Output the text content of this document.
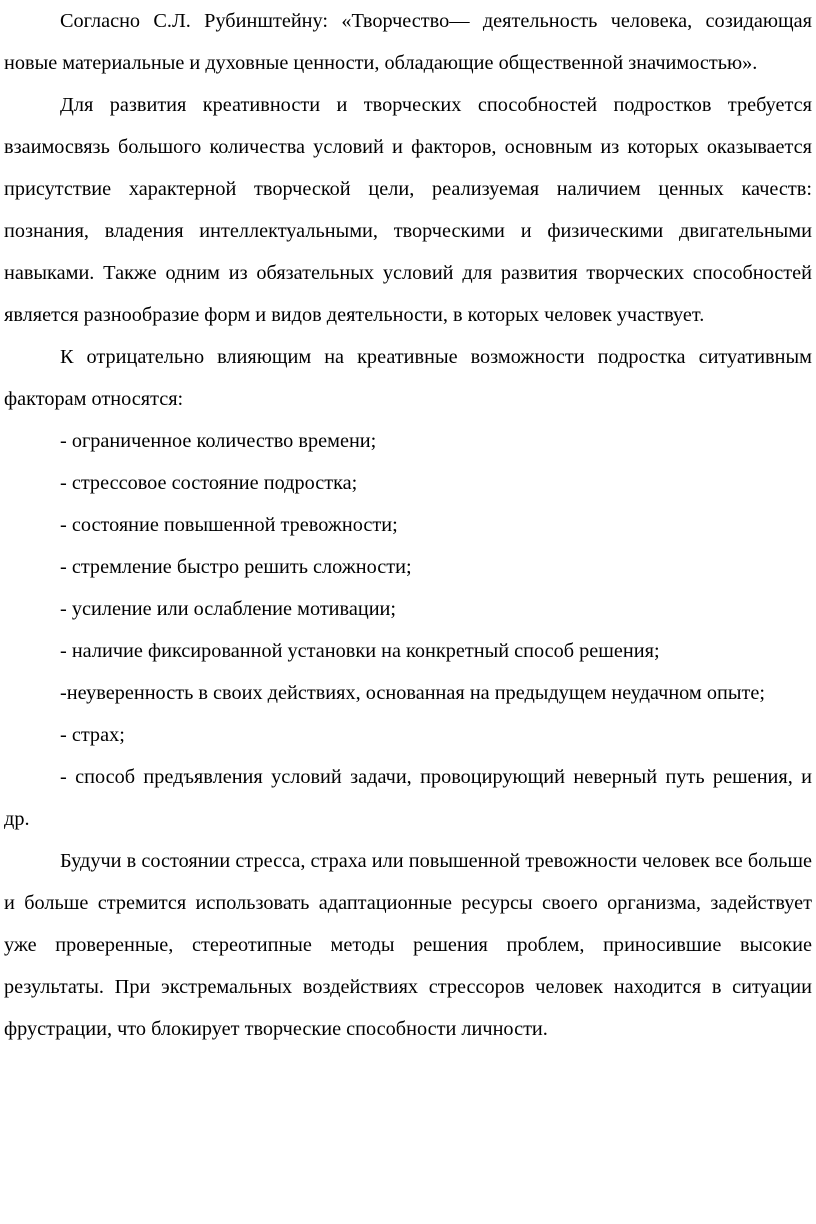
Согласно С.Л. Рубинштейну: «Творчество— деятельность человека, созидающая новые материальные и духовные ценности, обладающие общественной значимостью».

Для развития креативности и творческих способностей подростков требуется взаимосвязь большого количества условий и факторов, основным из которых оказывается присутствие характерной творческой цели, реализуемая наличием ценных качеств: познания, владения интеллектуальными, творческими и физическими двигательными навыками. Также одним из обязательных условий для развития творческих способностей является разнообразие форм и видов деятельности, в которых человек участвует.

К отрицательно влияющим на креативные возможности подростка ситуативным факторам относятся:

- ограниченное количество времени;

- стрессовое состояние подростка;

- состояние повышенной тревожности;

- стремление быстро решить сложности;

- усиление или ослабление мотивации;

- наличие фиксированной установки на конкретный способ решения;

-неуверенность в своих действиях, основанная на предыдущем неудачном опыте;

- страх;

- способ предъявления условий задачи, провоцирующий неверный путь решения, и др.

Будучи в состоянии стресса, страха или повышенной тревожности человек все больше и больше стремится использовать адаптационные ресурсы своего организма, задействует уже проверенные, стереотипные методы решения проблем, приносившие высокие результаты. При экстремальных воздействиях стрессоров человек находится в ситуации фрустрации, что блокирует творческие способности личности.
